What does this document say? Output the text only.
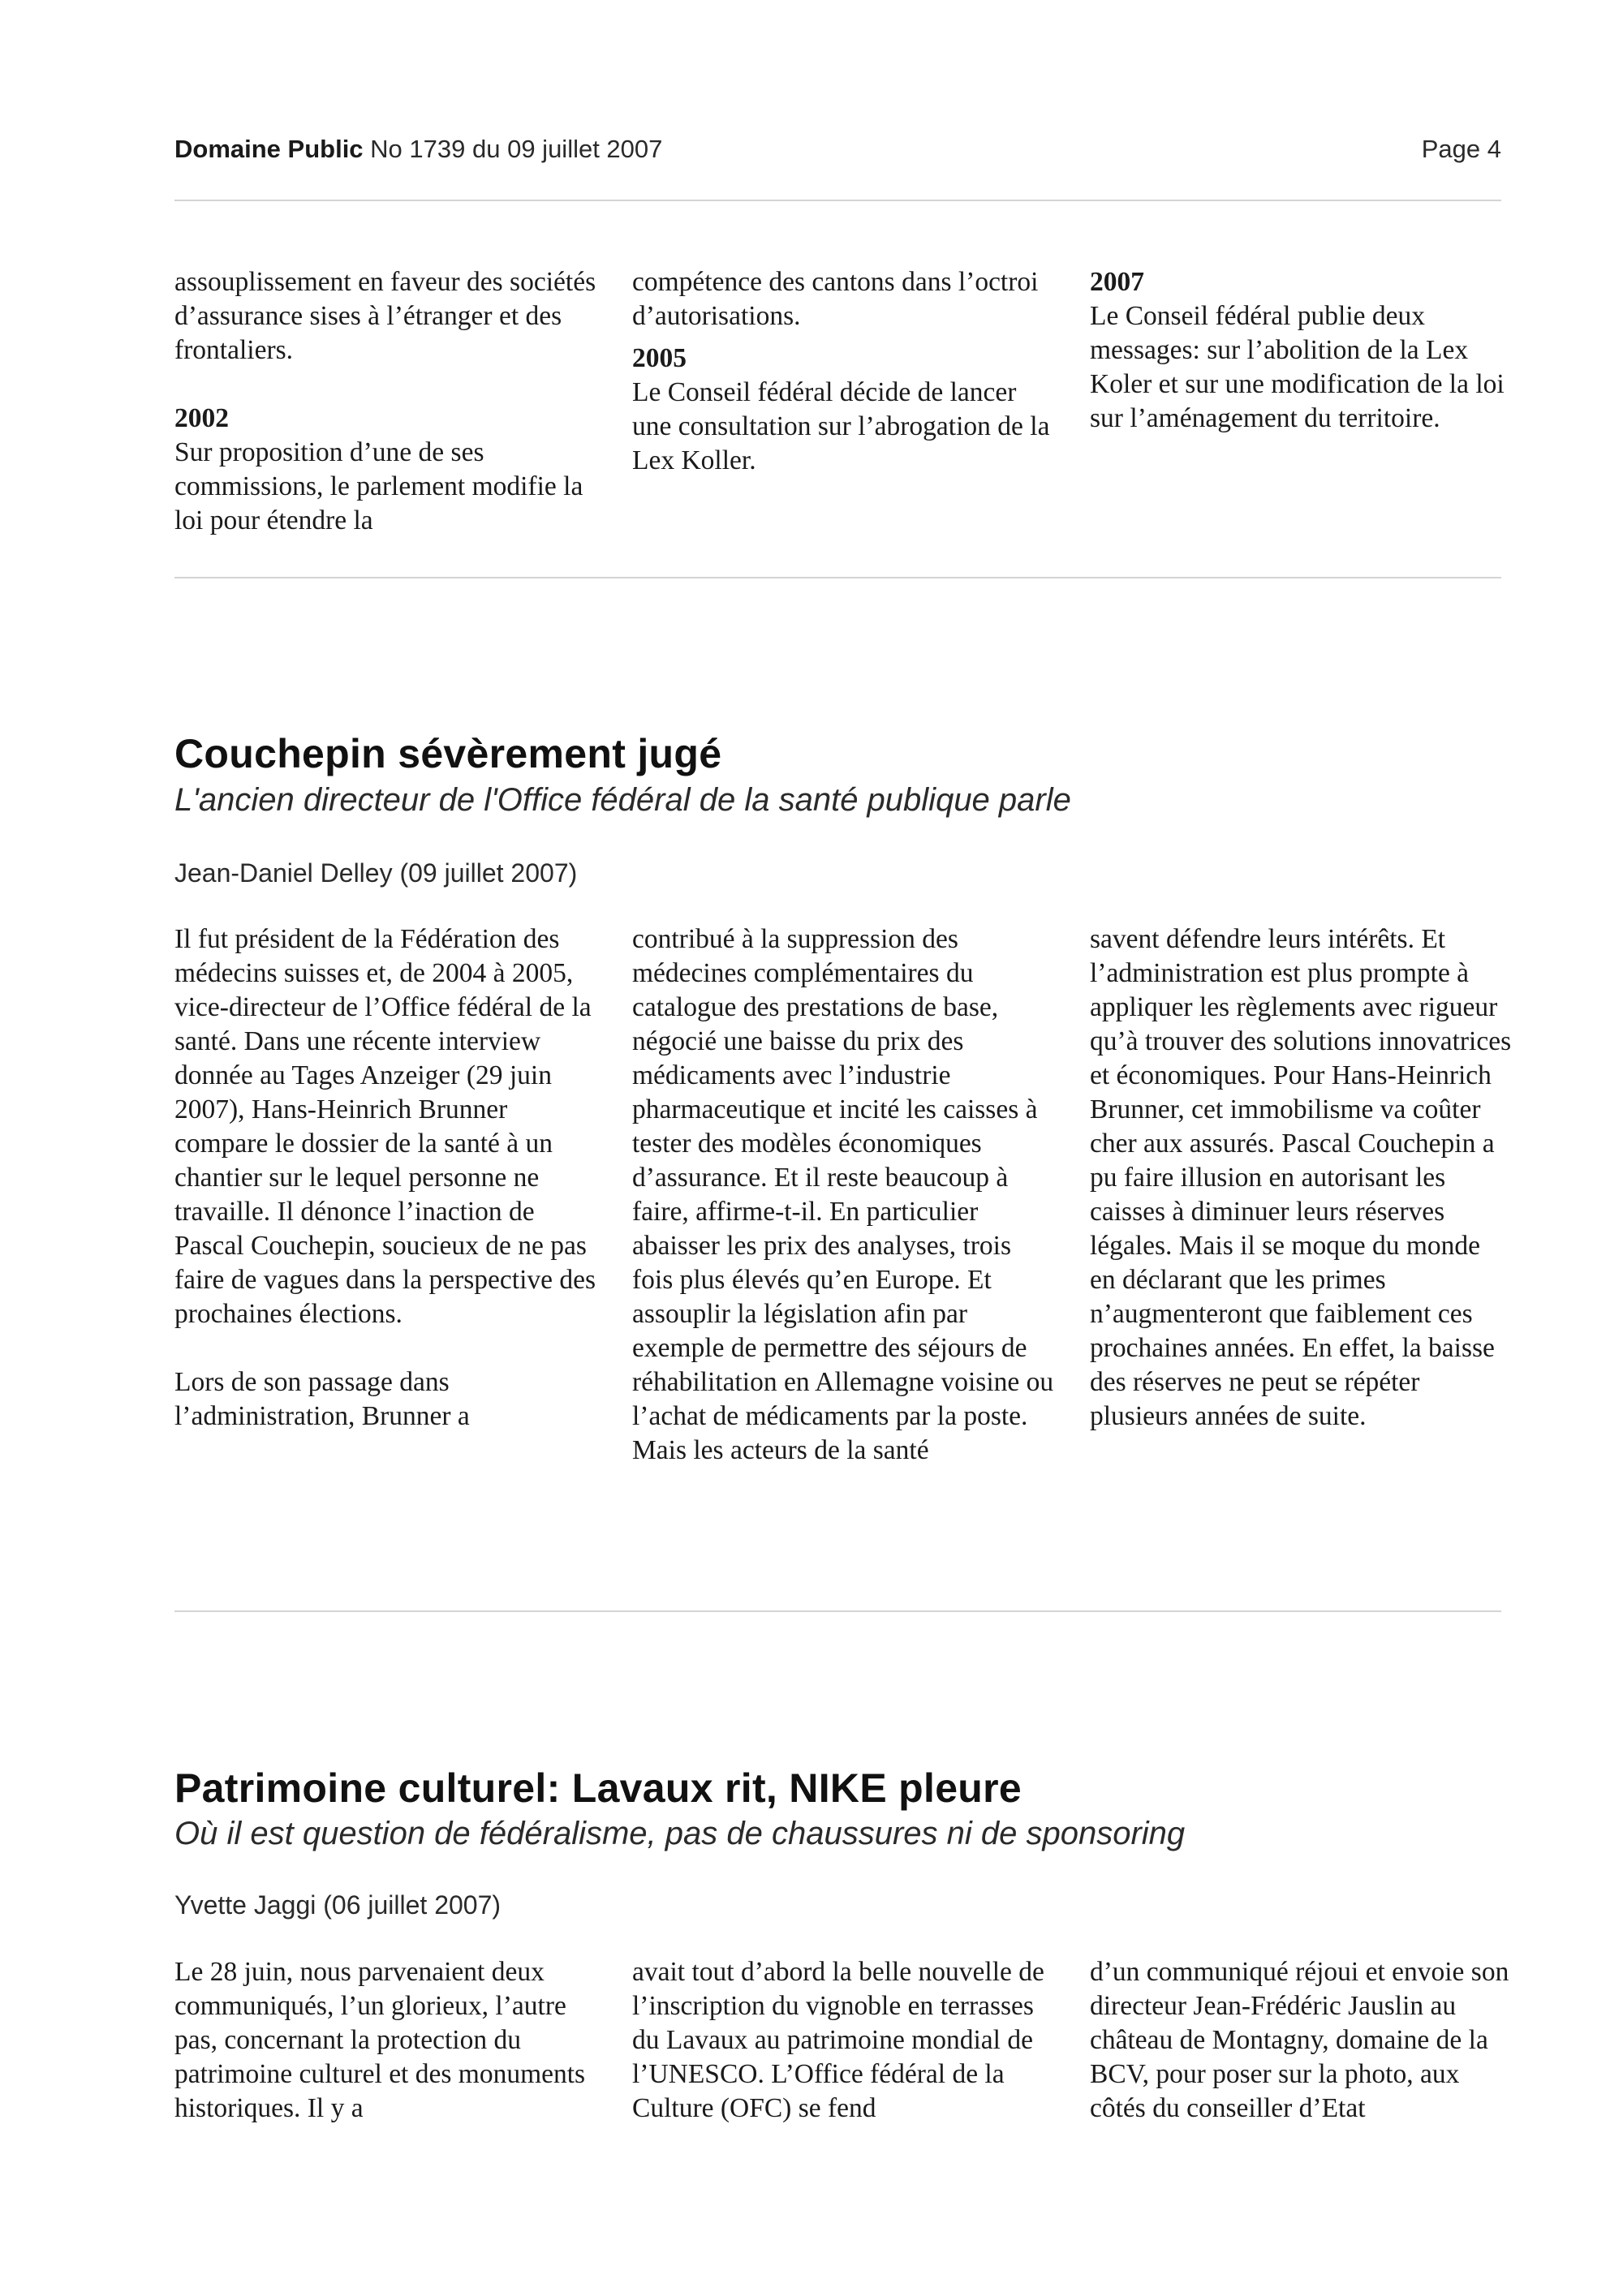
Domaine Public No 1739 du 09 juillet 2007	Page 4

assouplissement en faveur des sociétés d’assurance sises à l’étranger et des frontaliers.

2002

Sur proposition d’une de ses commissions, le parlement modifie la loi pour étendre la

compétence des cantons dans l’octroi d’autorisations.

2005

Le Conseil fédéral décide de lancer une consultation sur l’abrogation de la Lex Koller.

2007

Le Conseil fédéral publie deux messages: sur l’abolition de la Lex Koler et sur une modification de la loi sur l’aménagement du territoire.

Couchepin sévèrement jugé
L'ancien directeur de l'Office fédéral de la santé publique parle
Jean-Daniel Delley (09 juillet 2007)

Il fut président de la Fédération des médecins suisses et, de 2004 à 2005, vice-directeur de l’Office fédéral de la santé. Dans une récente interview donnée au Tages Anzeiger (29 juin 2007), Hans-Heinrich Brunner compare le dossier de la santé à un chantier sur le lequel personne ne travaille. Il dénonce l’inaction de Pascal Couchepin, soucieux de ne pas faire de vagues dans la perspective des prochaines élections.

Lors de son passage dans l’administration, Brunner a

contribué à la suppression des médecines complémentaires du catalogue des prestations de base, négocié une baisse du prix des médicaments avec l’industrie pharmaceutique et incité les caisses à tester des modèles économiques d’assurance. Et il reste beaucoup à faire, affirme-t-il. En particulier abaisser les prix des analyses, trois fois plus élevés qu’en Europe. Et assouplir la législation afin par exemple de permettre des séjours de réhabilitation en Allemagne voisine ou l’achat de médicaments par la poste. Mais les acteurs de la santé

savent défendre leurs intérêts. Et l’administration est plus prompte à appliquer les règlements avec rigueur qu’à trouver des solutions innovatrices et économiques. Pour Hans-Heinrich Brunner, cet immobilisme va coûter cher aux assurés. Pascal Couchepin a pu faire illusion en autorisant les caisses à diminuer leurs réserves légales. Mais il se moque du monde en déclarant que les primes n’augmenteront que faiblement ces prochaines années. En effet, la baisse des réserves ne peut se répéter plusieurs années de suite.

Patrimoine culturel: Lavaux rit, NIKE pleure
Où il est question de fédéralisme, pas de chaussures ni de sponsoring
Yvette Jaggi (06 juillet 2007)

Le 28 juin, nous parvenaient deux communiqués, l’un glorieux, l’autre pas, concernant la protection du patrimoine culturel et des monuments historiques. Il y a

avait tout d’abord la belle nouvelle de l’inscription du vignoble en terrasses du Lavaux au patrimoine mondial de l’UNESCO. L’Office fédéral de la Culture (OFC) se fend

d’un communiqué réjoui et envoie son directeur Jean-Frédéric Jauslin au château de Montagny, domaine de la BCV, pour poser sur la photo, aux côtés du conseiller d’Etat
